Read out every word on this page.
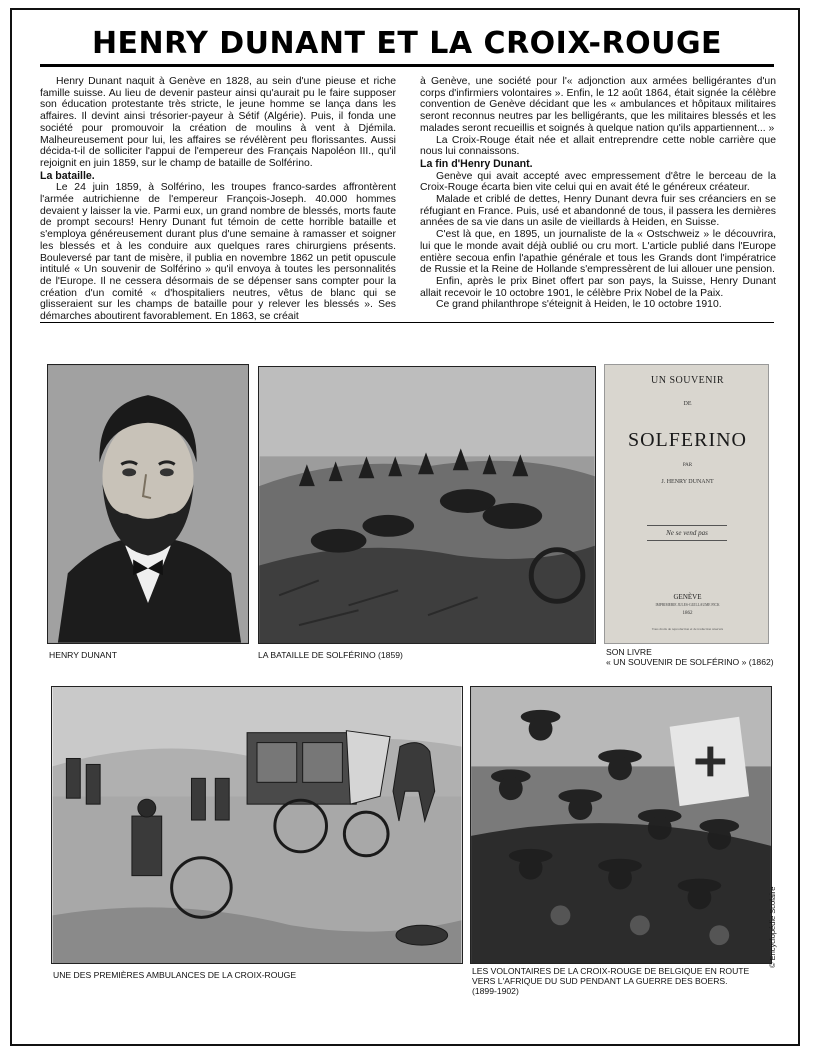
HENRY DUNANT ET LA CROIX-ROUGE

Henry Dunant naquit à Genève en 1828, au sein d'une pieuse et riche famille suisse. Au lieu de devenir pasteur ainsi qu'aurait pu le faire supposer son éducation protestante très stricte, le jeune homme se lança dans les affaires. Il devint ainsi trésorier-payeur à Sétif (Algérie). Puis, il fonda une société pour promouvoir la création de moulins à vent à Djémila. Malheureusement pour lui, les affaires se révélèrent peu florissantes. Aussi décida-t-il de solliciter l'appui de l'empereur des Français Napoléon III., qu'il rejoignit en juin 1859, sur le champ de bataille de Solférino.

La bataille.

Le 24 juin 1859, à Solférino, les troupes franco-sardes affrontèrent l'armée autrichienne de l'empereur François-Joseph. 40.000 hommes devaient y laisser la vie. Parmi eux, un grand nombre de blessés, morts faute de prompt secours! Henry Dunant fut témoin de cette horrible bataille et s'employa généreusement durant plus d'une semaine à ramasser et soigner les blessés et à les conduire aux quelques rares chirurgiens présents. Bouleversé par tant de misère, il publia en novembre 1862 un petit opuscule intitulé « Un souvenir de Solférino » qu'il envoya à toutes les personnalités de l'Europe. Il ne cessera désormais de se dépenser sans compter pour la création d'un comité « d'hospitaliers neutres, vêtus de blanc qui se glisseraient sur les champs de bataille pour y relever les blessés ». Ses démarches aboutirent favorablement. En 1863, se créait

à Genève, une société pour l'« adjonction aux armées belligérantes d'un corps d'infirmiers volontaires ». Enfin, le 12 août 1864, était signée la célèbre convention de Genève décidant que les « ambulances et hôpitaux militaires seront reconnus neutres par les belligérants, que les militaires blessés et les malades seront recueillis et soignés à quelque nation qu'ils appartiennent... »

La Croix-Rouge était née et allait entreprendre cette noble carrière que nous lui connaissons.

La fin d'Henry Dunant.

Genève qui avait accepté avec empressement d'être le berceau de la Croix-Rouge écarta bien vite celui qui en avait été le généreux créateur.

Malade et criblé de dettes, Henry Dunant devra fuir ses créanciers en se réfugiant en France. Puis, usé et abandonné de tous, il passera les dernières années de sa vie dans un asile de vieillards à Heiden, en Suisse.

C'est là que, en 1895, un journaliste de la « Ostschweiz » le découvrira, lui que le monde avait déjà oublié ou cru mort. L'article publié dans l'Europe entière secoua enfin l'apathie générale et tous les Grands dont l'impératrice de Russie et la Reine de Hollande s'empressèrent de lui allouer une pension.

Enfin, après le prix Binet offert par son pays, la Suisse, Henry Dunant allait recevoir le 10 octobre 1901, le célèbre Prix Nobel de la Paix.

Ce grand philanthrope s'éteignit à Heiden, le 10 octobre 1910.

HENRY DUNANT	LA BATAILLE DE SOLFÉRINO (1859)
UN SOUVENIR
DE
SOLFERINO
PAR
J. HENRY DUNANT
Ne se vend pas
GENÈVE
IMPRIMERIE JULES-GUILLAUME FICK
1862
Tous droits de reproduction et de traduction réservés
SON LIVRE
« UN SOUVENIR DE SOLFÉRINO » (1862)
UNE DES PREMIÈRES AMBULANCES DE LA CROIX-ROUGE	LES VOLONTAIRES DE LA CROIX-ROUGE DE BELGIQUE EN ROUTE
VERS L'AFRIQUE DU SUD PENDANT LA GUERRE DES BOERS.
(1899-1902)
© Encyclopédie Scolaire
